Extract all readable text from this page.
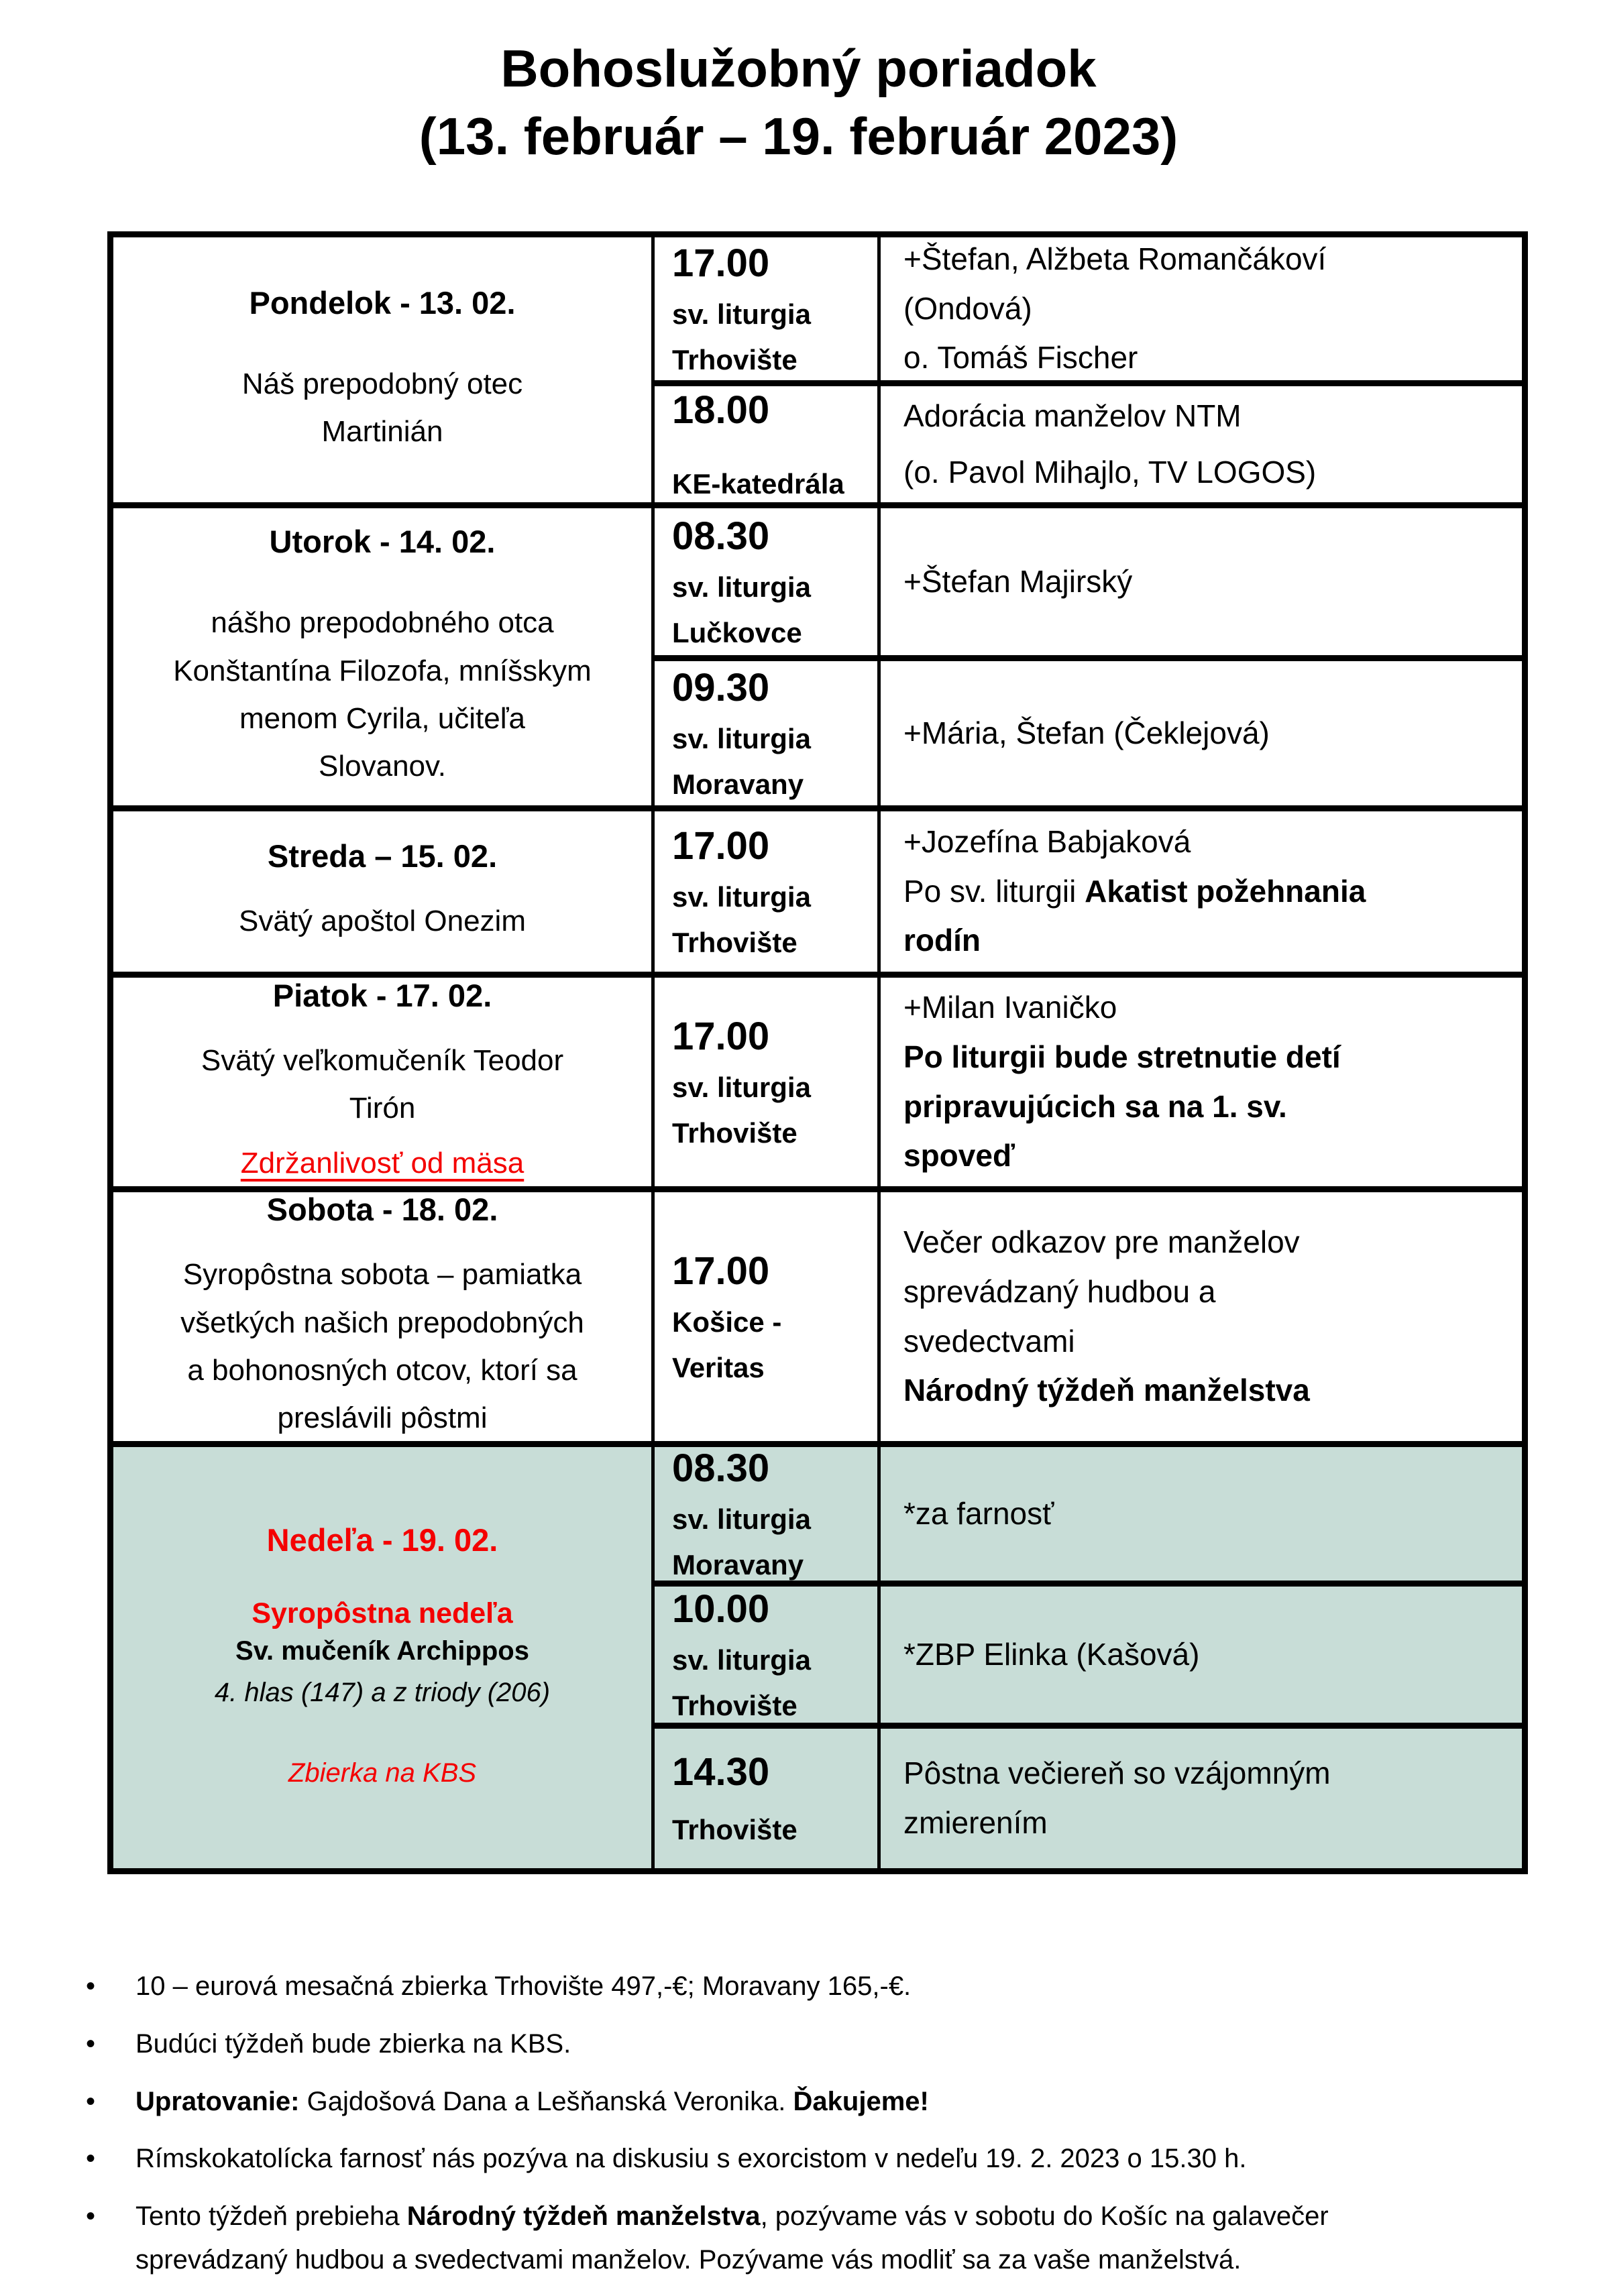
Bohoslužobný poriadok
(13. február – 19. február 2023)
Pondelok - 13. 02.
Náš prepodobný otec
Martinián
17.00
sv. liturgia
Trhovište
+Štefan, Alžbeta Romančákoví
(Ondová)
o. Tomáš Fischer
18.00
KE-katedrála
Adorácia manželov NTM
(o. Pavol Mihajlo, TV LOGOS)
Utorok - 14. 02.
nášho prepodobného otca
Konštantína Filozofa, mníšskym
menom Cyrila, učiteľa
Slovanov.
08.30
sv. liturgia
Lučkovce
+Štefan Majirský
09.30
sv. liturgia
Moravany
+Mária, Štefan (Čeklejová)
Streda – 15. 02.
Svätý apoštol Onezim
17.00
sv. liturgia
Trhovište
+Jozefína Babjaková
Po sv. liturgii Akatist požehnania
rodín
Piatok - 17. 02.
Svätý veľkomučeník Teodor
Tirón
Zdržanlivosť od mäsa
17.00
sv. liturgia
Trhovište
+Milan Ivaničko
Po liturgii bude stretnutie detí
pripravujúcich sa na 1. sv.
spoveď
Sobota - 18. 02.
Syropôstna sobota – pamiatka
všetkých našich prepodobných
a bohonosných otcov, ktorí sa
preslávili pôstmi
17.00
Košice -
Veritas
Večer odkazov pre manželov
sprevádzaný hudbou a
svedectvami
Národný týždeň manželstva
Nedeľa - 19. 02.
Syropôstna nedeľa
Sv. mučeník Archippos
4. hlas (147) a z triody (206)
Zbierka na KBS
08.30
sv. liturgia
Moravany
*za farnosť
10.00
sv. liturgia
Trhovište
*ZBP Elinka (Kašová)
14.30
Trhovište
Pôstna večiereň so vzájomným
zmierením
•
10 – eurová mesačná zbierka Trhovište 497,-€; Moravany 165,-€.
•
Budúci týždeň bude zbierka na KBS.
•
Upratovanie: Gajdošová Dana a Lešňanská Veronika. Ďakujeme!
•
Rímskokatolícka farnosť nás pozýva na diskusiu s exorcistom v nedeľu 19. 2. 2023 o 15.30 h.
•
Tento týždeň prebieha Národný týždeň manželstva, pozývame vás v sobotu do Košíc na galavečer sprevádzaný hudbou a svedectvami manželov. Pozývame vás modliť sa za vaše manželstvá.
